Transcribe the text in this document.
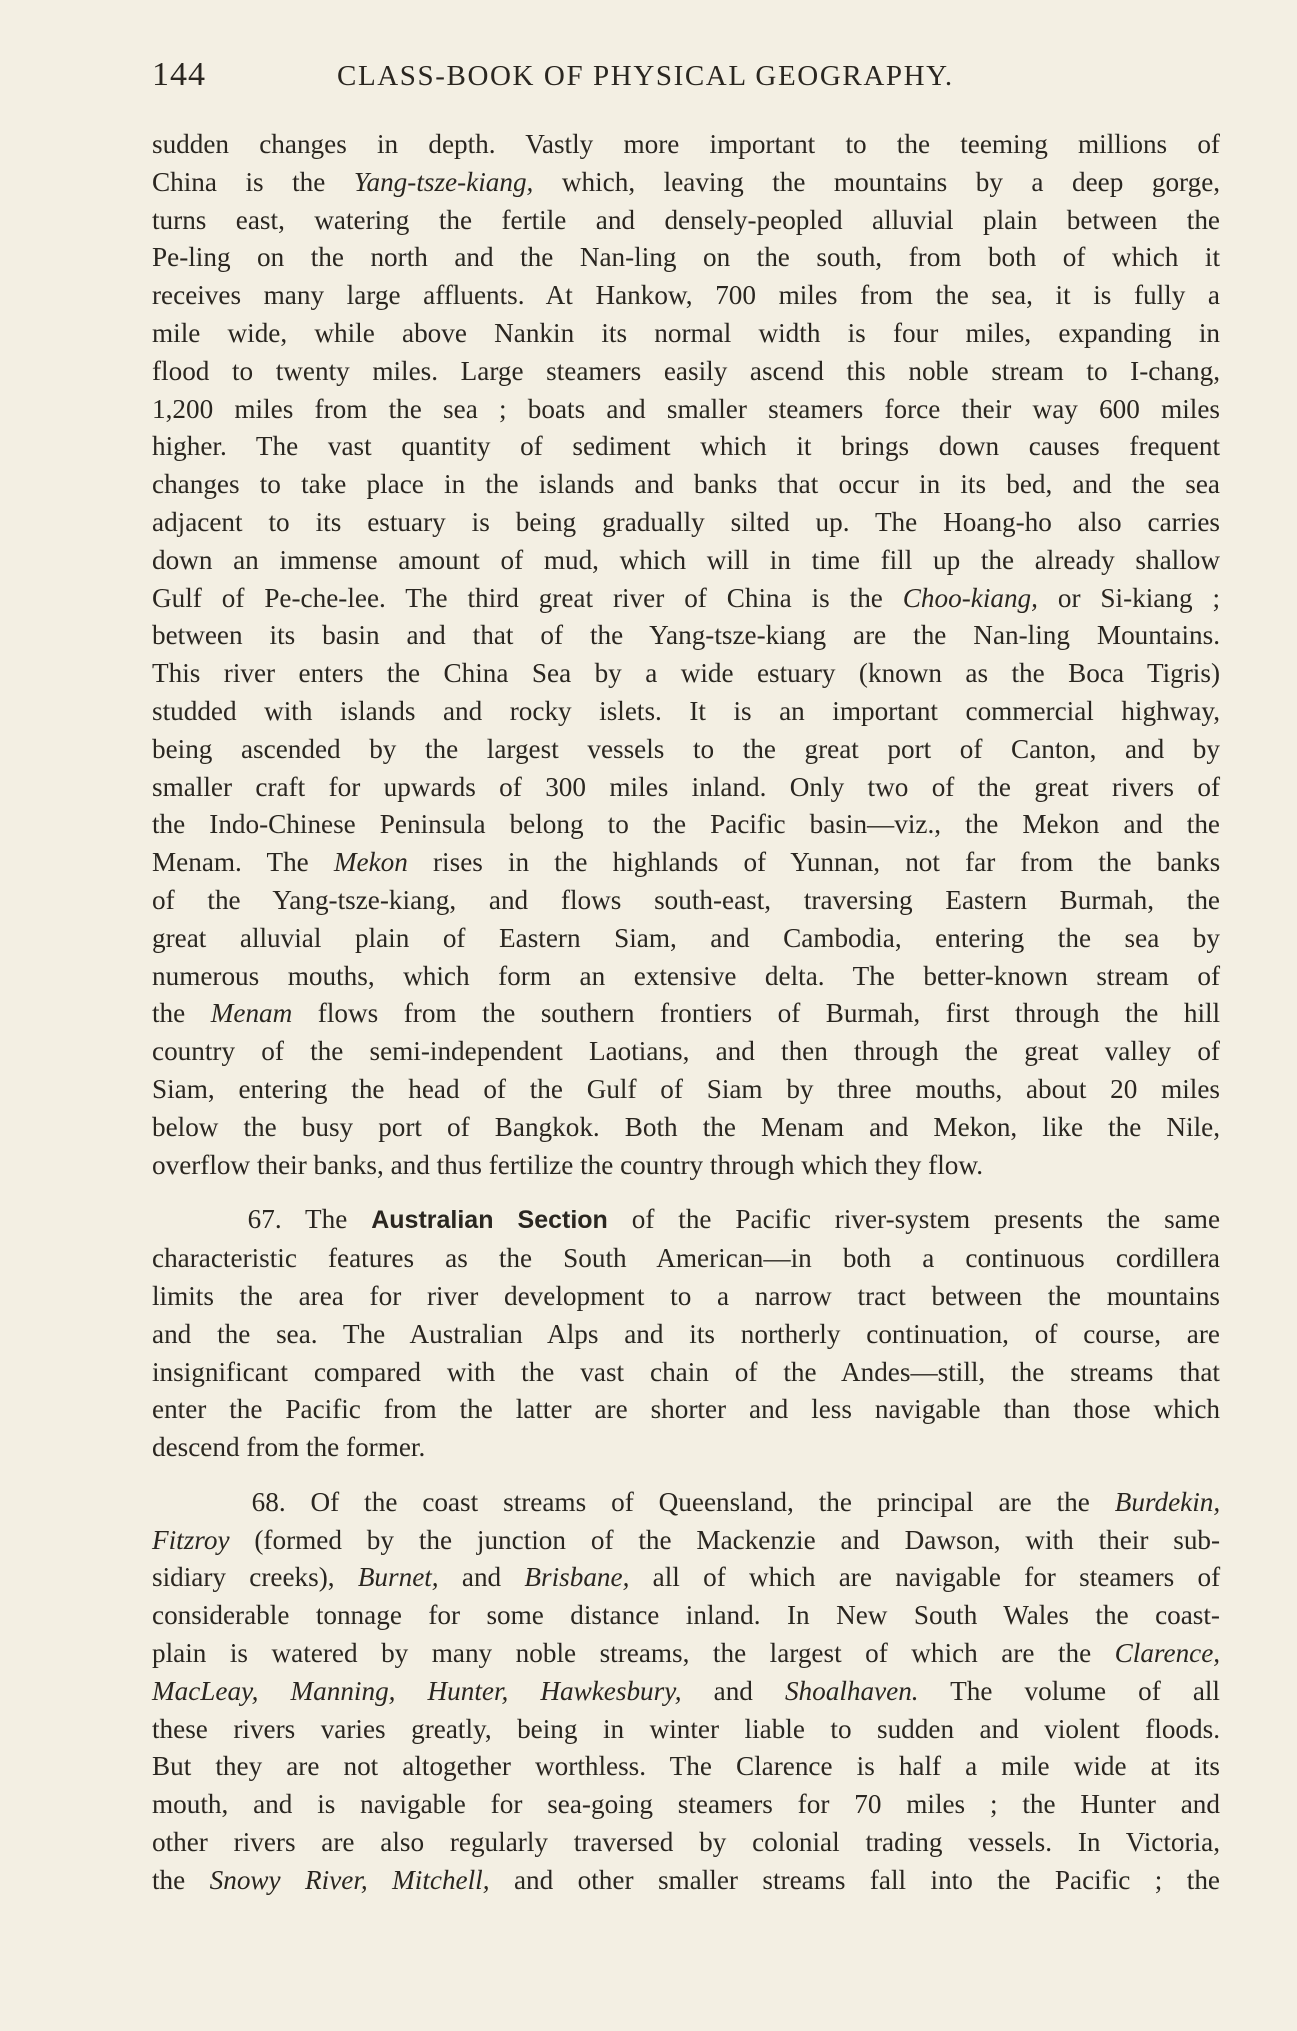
144	CLASS-BOOK OF PHYSICAL GEOGRAPHY.

sudden changes in depth. Vastly more important to the teeming millions of
China is the Yang-tsze-kiang, which, leaving the mountains by a deep gorge,
turns east, watering the fertile and densely-peopled alluvial plain between the
Pe-ling on the north and the Nan-ling on the south, from both of which it
receives many large affluents. At Hankow, 700 miles from the sea, it is fully a
mile wide, while above Nankin its normal width is four miles, expanding in
flood to twenty miles. Large steamers easily ascend this noble stream to I-chang,
1,200 miles from the sea ; boats and smaller steamers force their way 600 miles
higher. The vast quantity of sediment which it brings down causes frequent
changes to take place in the islands and banks that occur in its bed, and the sea
adjacent to its estuary is being gradually silted up. The Hoang-ho also carries
down an immense amount of mud, which will in time fill up the already shallow
Gulf of Pe-che-lee. The third great river of China is the Choo-kiang, or Si-kiang ;
between its basin and that of the Yang-tsze-kiang are the Nan-ling Mountains.
This river enters the China Sea by a wide estuary (known as the Boca Tigris)
studded with islands and rocky islets. It is an important commercial highway,
being ascended by the largest vessels to the great port of Canton, and by
smaller craft for upwards of 300 miles inland. Only two of the great rivers of
the Indo-Chinese Peninsula belong to the Pacific basin—viz., the Mekon and the
Menam. The Mekon rises in the highlands of Yunnan, not far from the banks
of the Yang-tsze-kiang, and flows south-east, traversing Eastern Burmah, the
great alluvial plain of Eastern Siam, and Cambodia, entering the sea by
numerous mouths, which form an extensive delta. The better-known stream of
the Menam flows from the southern frontiers of Burmah, first through the hill
country of the semi-independent Laotians, and then through the great valley of
Siam, entering the head of the Gulf of Siam by three mouths, about 20 miles
below the busy port of Bangkok. Both the Menam and Mekon, like the Nile,
overflow their banks, and thus fertilize the country through which they flow.

67. The Australian Section of the Pacific river-system presents the same
characteristic features as the South American—in both a continuous cordillera
limits the area for river development to a narrow tract between the mountains
and the sea. The Australian Alps and its northerly continuation, of course, are
insignificant compared with the vast chain of the Andes—still, the streams that
enter the Pacific from the latter are shorter and less navigable than those which
descend from the former.

68. Of the coast streams of Queensland, the principal are the Burdekin,
Fitzroy (formed by the junction of the Mackenzie and Dawson, with their sub-
sidiary creeks), Burnet, and Brisbane, all of which are navigable for steamers of
considerable tonnage for some distance inland. In New South Wales the coast-
plain is watered by many noble streams, the largest of which are the Clarence,
MacLeay, Manning, Hunter, Hawkesbury, and Shoalhaven. The volume of all
these rivers varies greatly, being in winter liable to sudden and violent floods.
But they are not altogether worthless. The Clarence is half a mile wide at its
mouth, and is navigable for sea-going steamers for 70 miles ; the Hunter and
other rivers are also regularly traversed by colonial trading vessels. In Victoria,
the Snowy River, Mitchell, and other smaller streams fall into the Pacific ; the
